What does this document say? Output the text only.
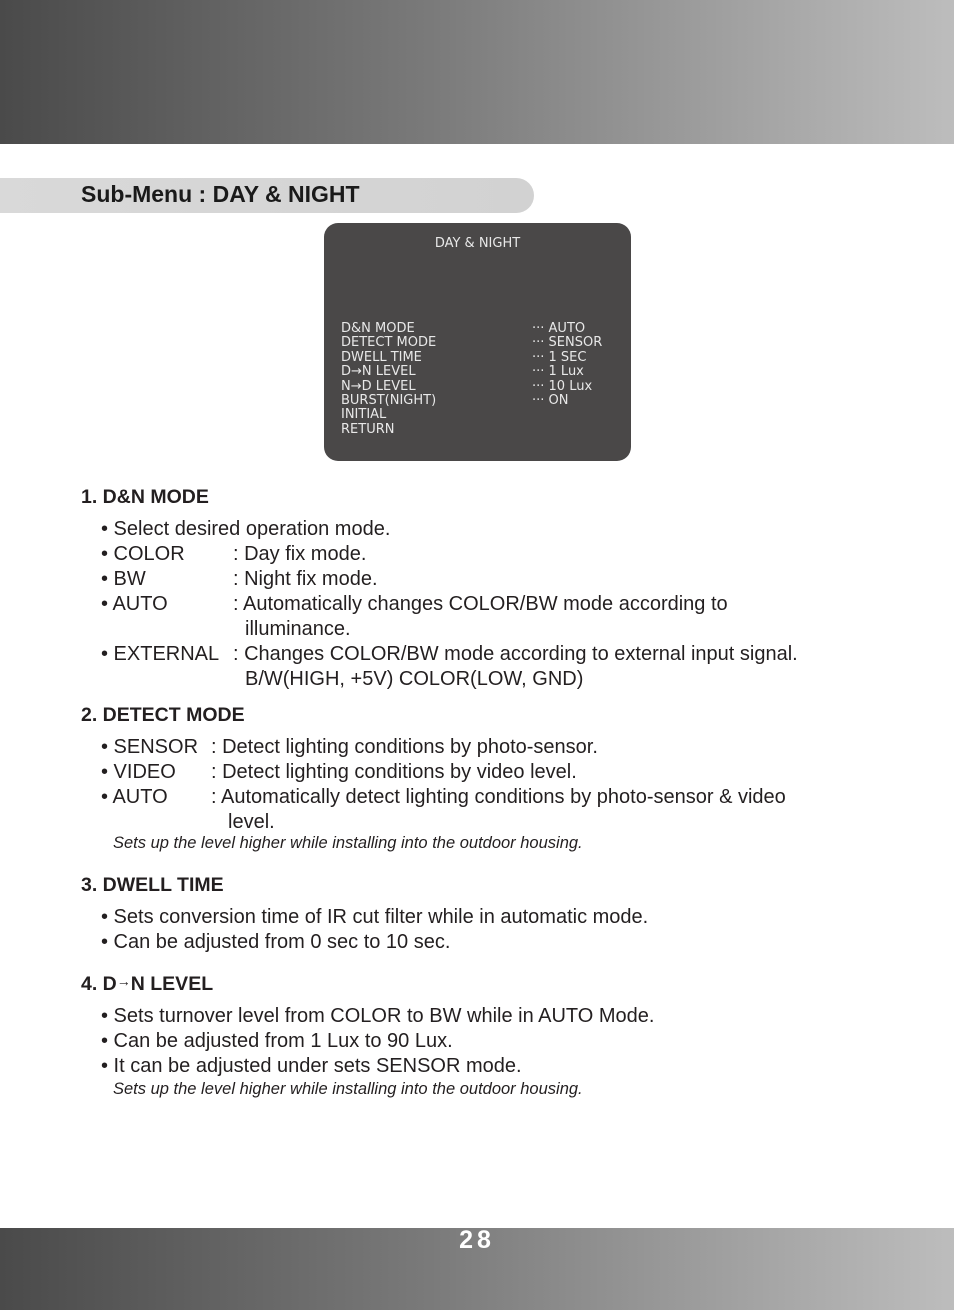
Sub-Menu : DAY & NIGHT
DAY & NIGHT
D&N MODE
DETECT MODE
DWELL TIME
D→N LEVEL
N→D LEVEL
BURST(NIGHT)
INITIAL
RETURN
··· AUTO
··· SENSOR
··· 1 SEC
··· 1 Lux
··· 10 Lux
··· ON
1. D&N MODE
• Select desired operation mode.
• COLOR : Day fix mode.
• BW	: Night fix mode.
• AUTO	: Automatically changes COLOR/BW mode according to
illuminance.
• EXTERNAL : Changes COLOR/BW mode according to external input signal.
B/W(HIGH, +5V) COLOR(LOW, GND)
2. DETECT MODE
• SENSOR : Detect lighting conditions by photo-sensor.
• VIDEO : Detect lighting conditions by video level.
• AUTO : Automatically detect lighting conditions by photo-sensor & video
level.
Sets up the level higher while installing into the outdoor housing.
3. DWELL TIME
• Sets conversion time of IR cut filter while in automatic mode.
• Can be adjusted from 0 sec to 10 sec.
4. D→N LEVEL
• Sets turnover level from COLOR to BW while in AUTO Mode.
• Can be adjusted from 1 Lux to 90 Lux.
• It can be adjusted under sets SENSOR mode.
Sets up the level higher while installing into the outdoor housing.
28
